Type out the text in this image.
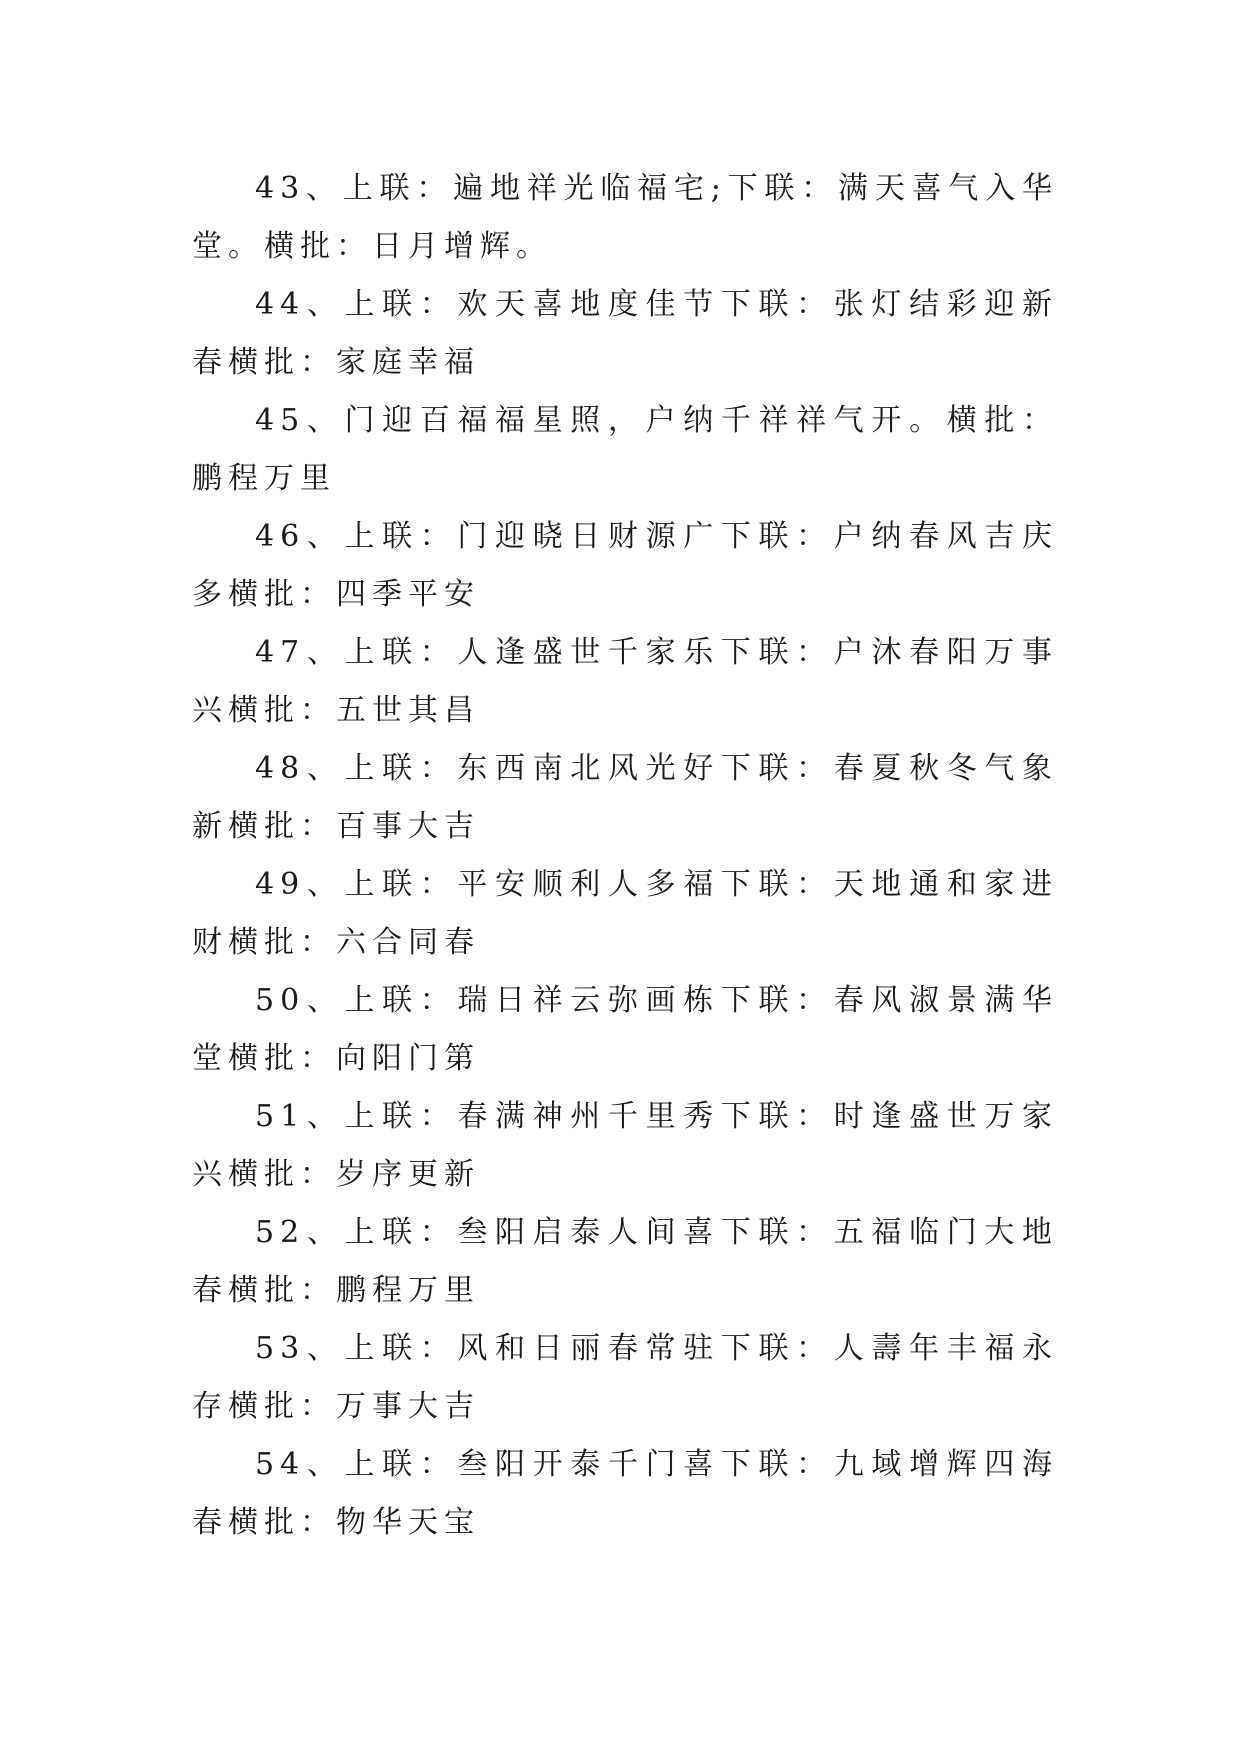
43、上联：遍地祥光临福宅;下联：满天喜气入华堂。横批：日月增辉。

44、上联：欢天喜地度佳节下联：张灯结彩迎新春横批：家庭幸福

45、门迎百福福星照，户纳千祥祥气开。横批：鹏程万里

46、上联：门迎晓日财源广下联：户纳春风吉庆多横批：四季平安

47、上联：人逢盛世千家乐下联：户沐春阳万事兴横批：五世其昌

48、上联：东西南北风光好下联：春夏秋冬气象新横批：百事大吉

49、上联：平安顺利人多福下联：天地通和家进财横批：六合同春

50、上联：瑞日祥云弥画栋下联：春风淑景满华堂横批：向阳门第

51、上联：春满神州千里秀下联：时逢盛世万家兴横批：岁序更新

52、上联：叁阳启泰人间喜下联：五福临门大地春横批：鹏程万里

53、上联：风和日丽春常驻下联：人壽年丰福永存横批：万事大吉

54、上联：叁阳开泰千门喜下联：九域增辉四海春横批：物华天宝
